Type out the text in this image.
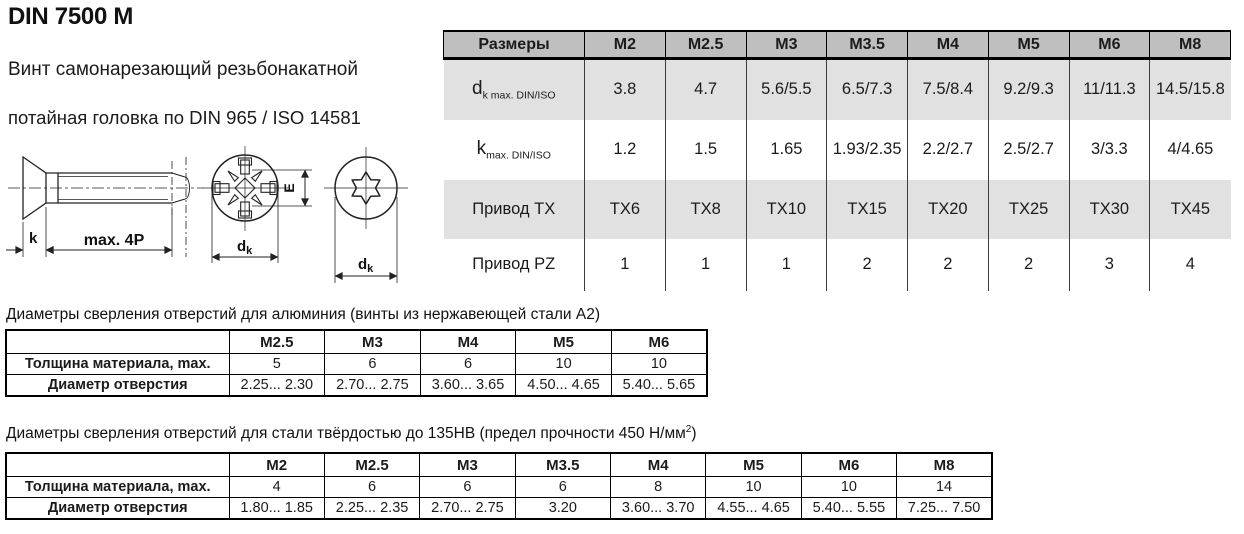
DIN 7500 M
Винт самонарезающий резьбонакатной
потайная головка по DIN 965 / ISO 14581
k	max. 4P
E
$d_k$
$d_k$
Размеры	M2	M2.5	M3	M3.5	M4	M5	M6	M8
$d_{k max. DIN/ISO}$	3.8	4.7	5.6/5.5	6.5/7.3	7.5/8.4	9.2/9.3	11/11.3	14.5/15.8
$k_{max. DIN/ISO}$	1.2	1.5	1.65	1.93/2.35	2.2/2.7	2.5/2.7	3/3.3	4/4.65
Привод TX	TX6	TX8	TX10	TX15	TX20	TX25	TX30	TX45
Привод PZ	1	1	1	2	2	2	3	4
Диаметры сверления отверстий для алюминия (винты из нержавеющей стали А2)
	M2.5	M3	M4	M5	M6
Толщина материала, max.	5	6	6	10	10
Диаметр отверстия	2.25... 2.30	2.70... 2.75	3.60... 3.65	4.50... 4.65	5.40... 5.65
Диаметры сверления отверстий для стали твёрдостью до 135HB (предел прочности 450 $Н/мм^2$)
	M2	M2.5	M3	M3.5	M4	M5	M6	M8
Толщина материала, max.	4	6	6	6	8	10	10	14
Диаметр отверстия	1.80... 1.85	2.25... 2.35	2.70... 2.75	3.20	3.60... 3.70	4.55... 4.65	5.40... 5.55	7.25... 7.50
